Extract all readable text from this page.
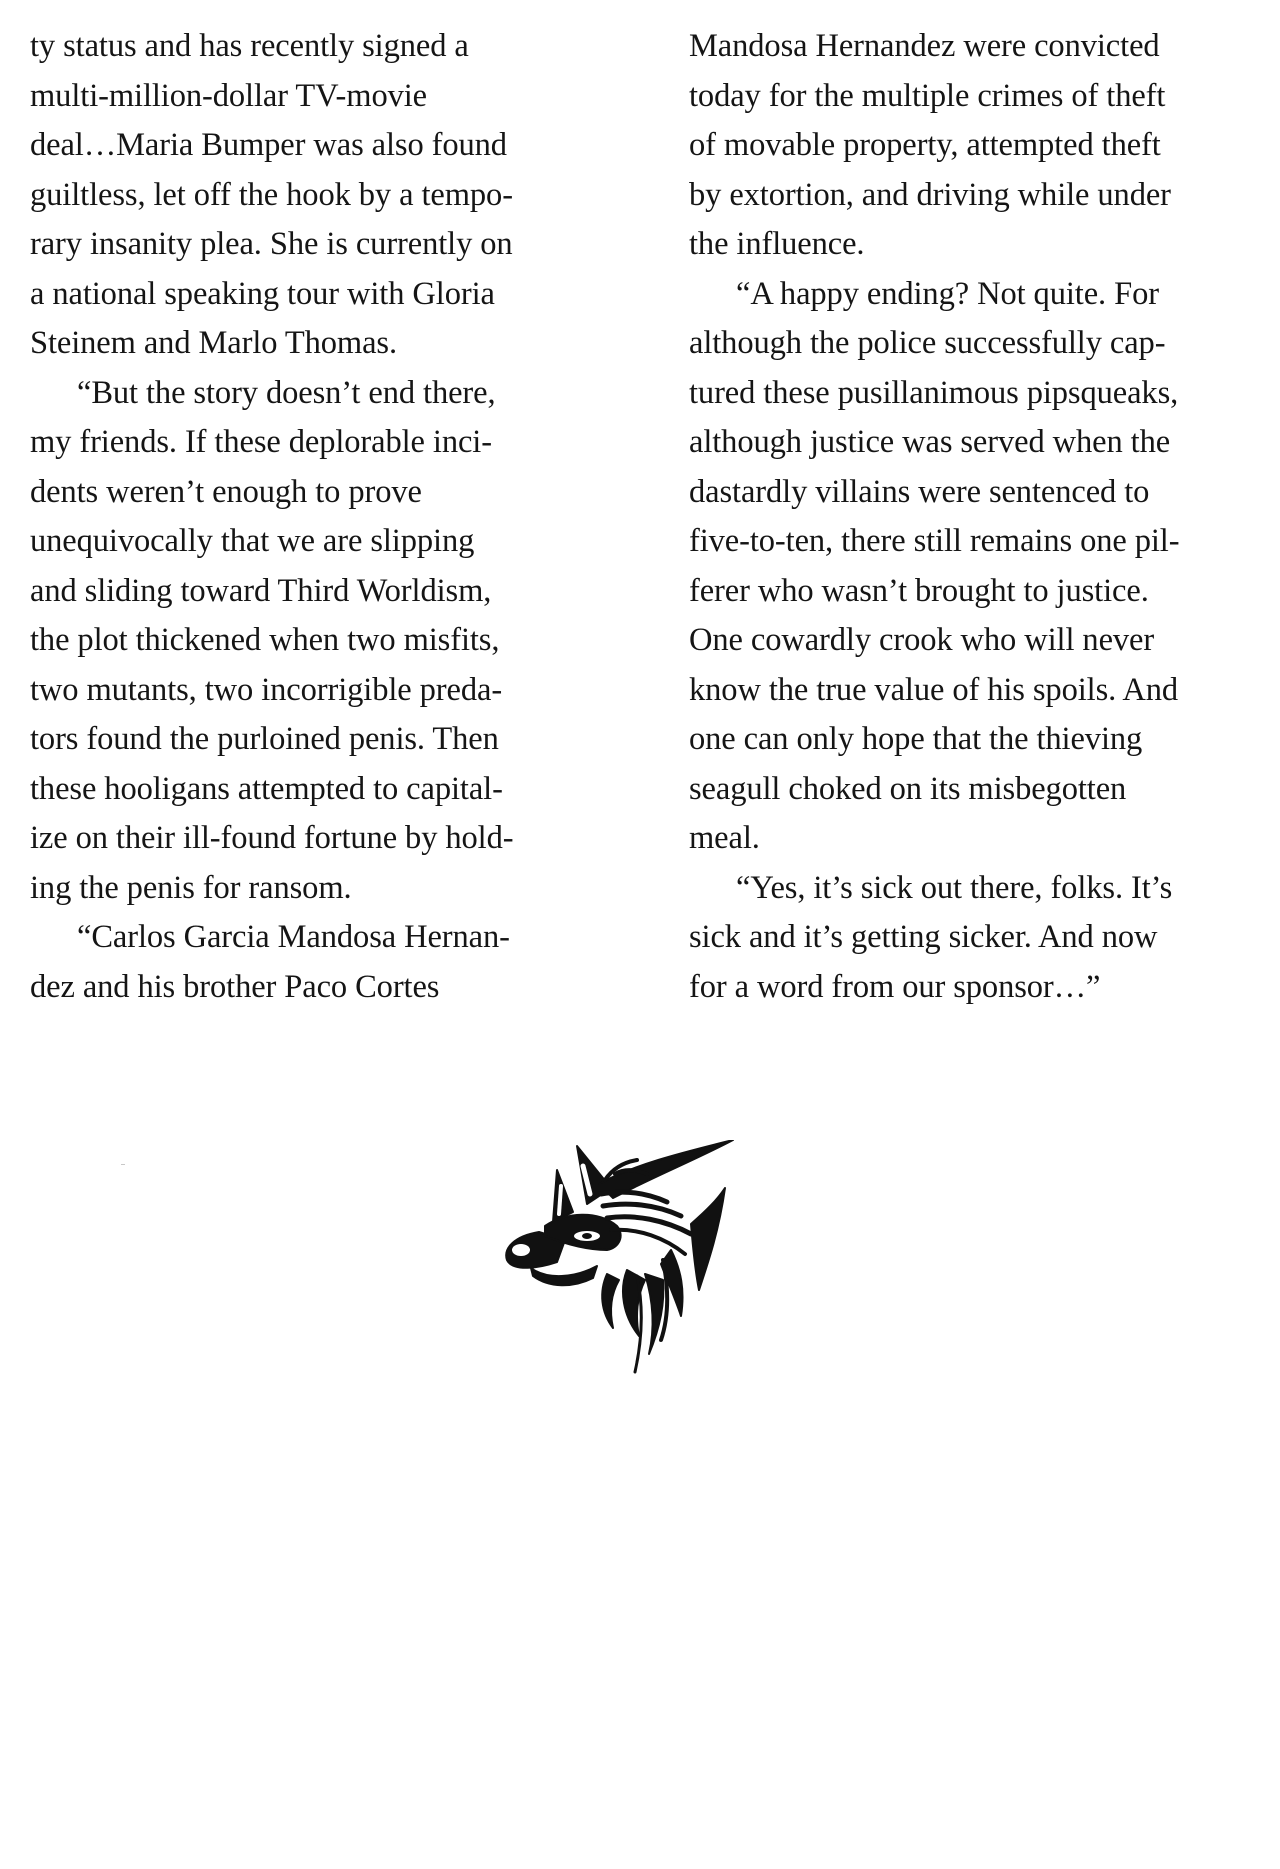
ty status and has recently signed a
multi-million-dollar TV-movie
deal…Maria Bumper was also found
guiltless, let off the hook by a tempo-
rary insanity plea. She is currently on
a national speaking tour with Gloria
Steinem and Marlo Thomas.
“But the story doesn’t end there,
my friends. If these deplorable inci-
dents weren’t enough to prove
unequivocally that we are slipping
and sliding toward Third Worldism,
the plot thickened when two misfits,
two mutants, two incorrigible preda-
tors found the purloined penis. Then
these hooligans attempted to capital-
ize on their ill-found fortune by hold-
ing the penis for ransom.
“Carlos Garcia Mandosa Hernan-
dez and his brother Paco Cortes
Mandosa Hernandez were convicted
today for the multiple crimes of theft
of movable property, attempted theft
by extortion, and driving while under
the influence.
“A happy ending? Not quite. For
although the police successfully cap-
tured these pusillanimous pipsqueaks,
although justice was served when the
dastardly villains were sentenced to
five-to-ten, there still remains one pil-
ferer who wasn’t brought to justice.
One cowardly crook who will never
know the true value of his spoils. And
one can only hope that the thieving
seagull choked on its misbegotten
meal.
“Yes, it’s sick out there, folks. It’s
sick and it’s getting sicker. And now
for a word from our sponsor…”
